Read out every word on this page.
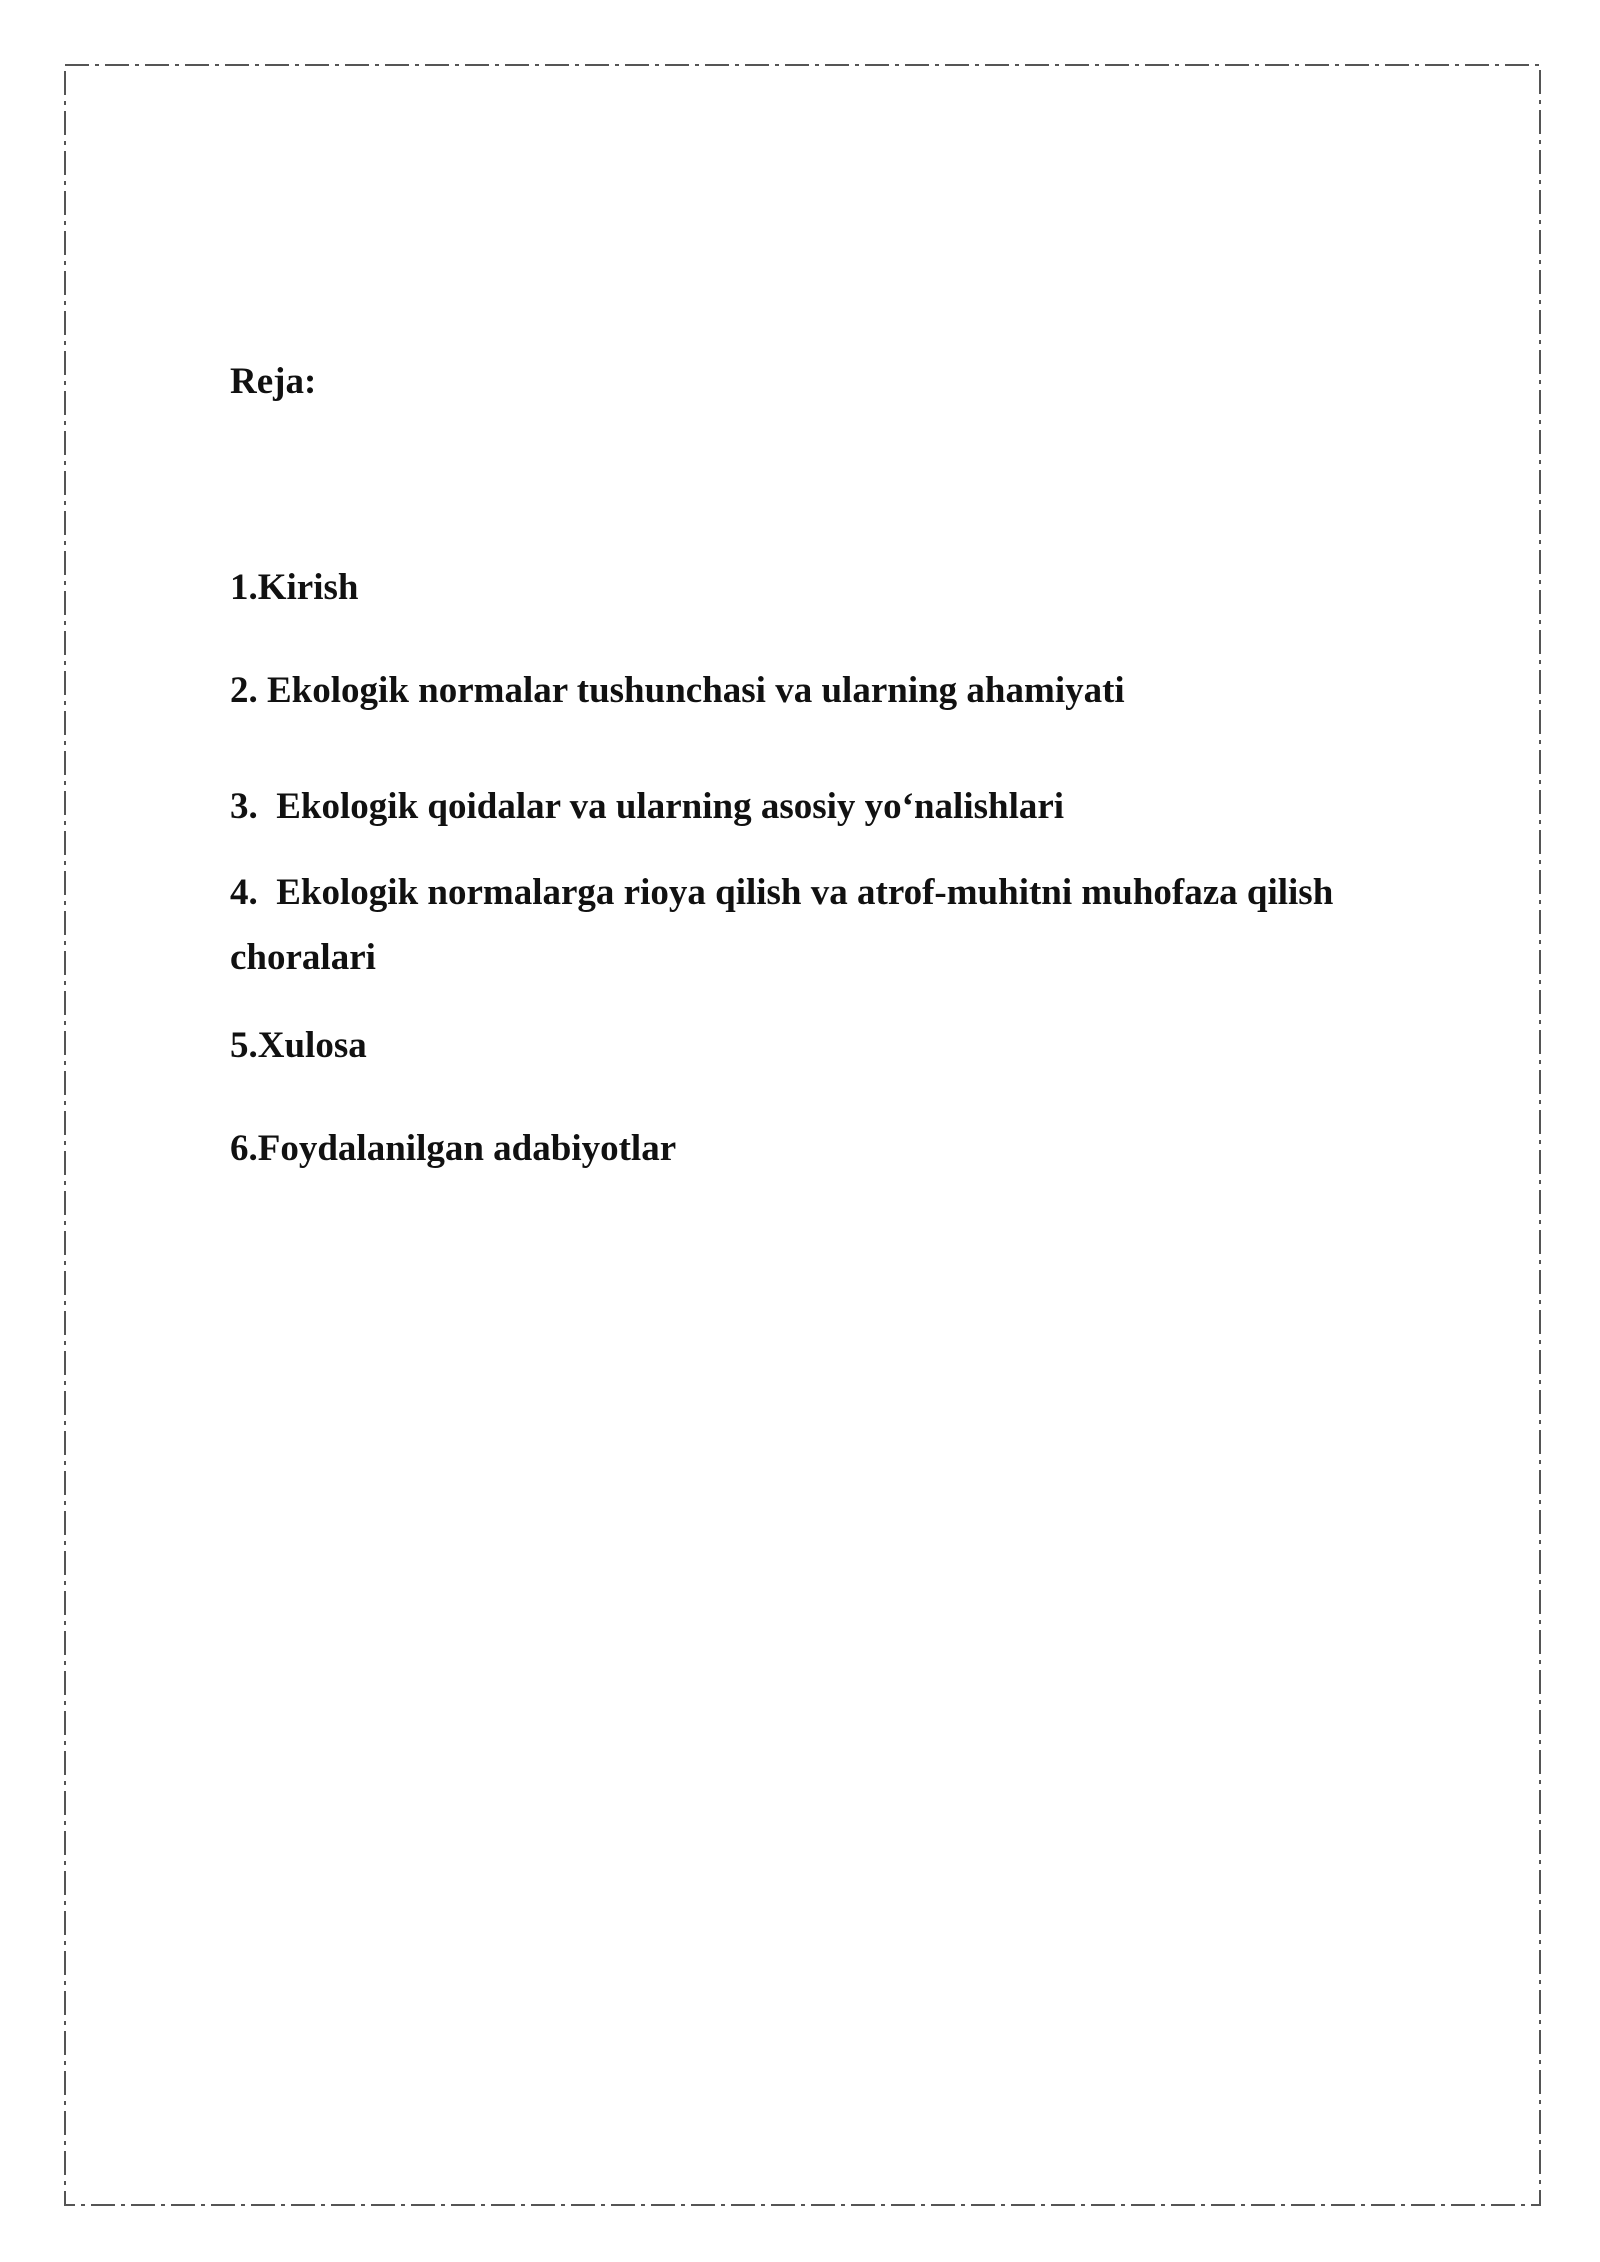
Reja:

1.Kirish

2. Ekologik normalar tushunchasi va ularning ahamiyati

3.  Ekologik qoidalar va ularning asosiy yo‘nalishlari

4.  Ekologik normalarga rioya qilish va atrof-muhitni muhofaza qilish choralari

5.Xulosa

6.Foydalanilgan adabiyotlar
